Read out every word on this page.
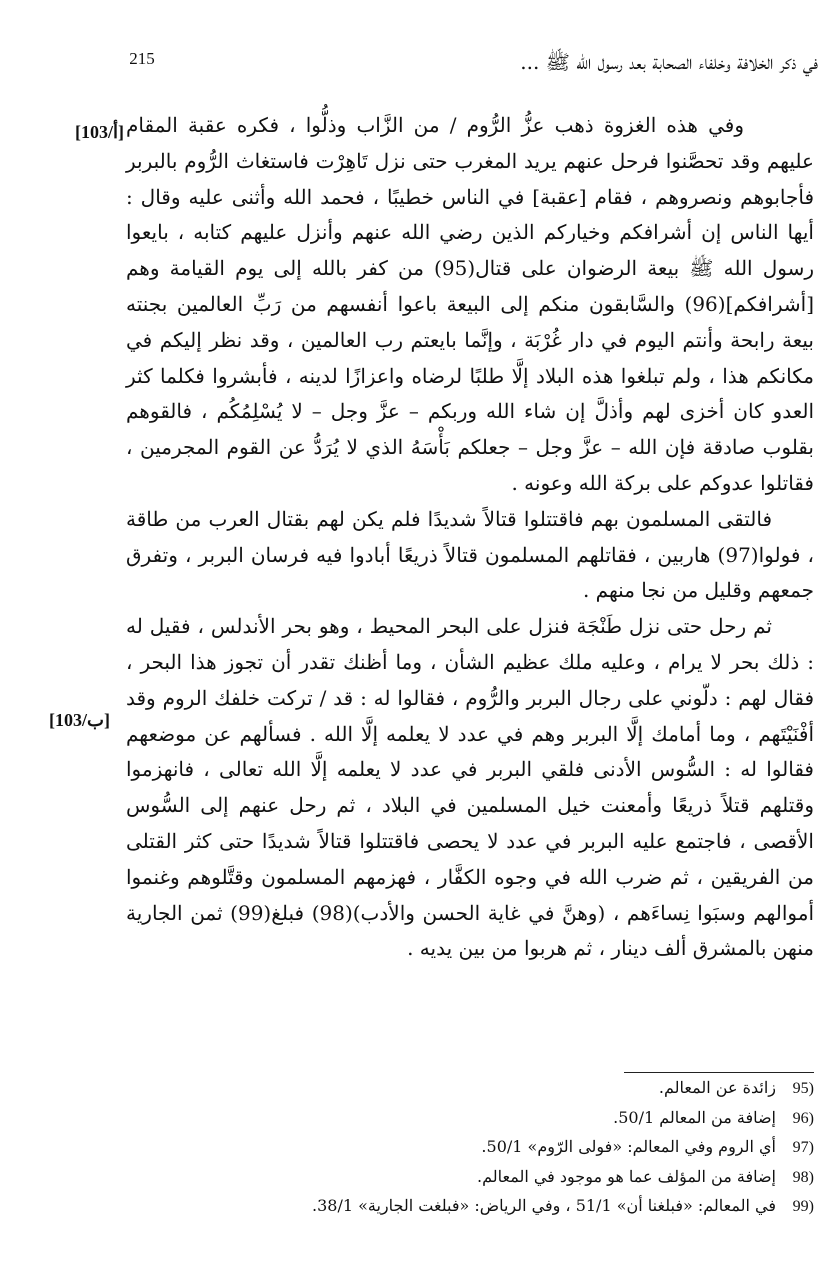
في ذكر الخلافة وخلفاء الصحابة بعد رسول الله ﷺ ...
215
[103/أ]
[103/ب]

وفي هذه الغزوة ذهب عزُّ الرُّوم / من الزَّاب وذلُّوا ، فكره عقبة المقام عليهم وقد تحصَّنوا فرحل عنهم يريد المغرب حتى نزل تَاهِرْت فاستغاث الرُّوم بالبربر فأجابوهم ونصروهم ، فقام [عقبة] في الناس خطيبًا ، فحمد الله وأثنى عليه وقال : أيها الناس إن أشرافكم وخياركم الذين رضي الله عنهم وأنزل عليهم كتابه ، بايعوا رسول الله ﷺ بيعة الرضوان على قتال(95) من كفر بالله إلى يوم القيامة وهم [أشرافكم](96) والسَّابقون منكم إلى البيعة باعوا أنفسهم من رَبِّ العالمين بجنته بيعة رابحة وأنتم اليوم في دار غُرْبَة ، وإنَّما بايعتم رب العالمين ، وقد نظر إليكم في مكانكم هذا ، ولم تبلغوا هذه البلاد إلَّا طلبًا لرضاه واعزازًا لدينه ، فأبشروا فكلما كثر العدو كان أخزى لهم وأذلَّ إن شاء الله وربكم – عزَّ وجل – لا يُسْلِمُكُم ، فالقوهم بقلوب صادقة فإن الله – عزَّ وجل – جعلكم بَأْسَهُ الذي لا يُرَدُّ عن القوم المجرمين ، فقاتلوا عدوكم على بركة الله وعونه .

فالتقى المسلمون بهم فاقتتلوا قتالاً شديدًا فلم يكن لهم بقتال العرب من طاقة ، فولوا(97) هاربين ، فقاتلهم المسلمون قتالاً ذريعًا أبادوا فيه فرسان البربر ، وتفرق جمعهم وقليل من نجا منهم .

ثم رحل حتى نزل طَنْجَة فنزل على البحر المحيط ، وهو بحر الأندلس ، فقيل له : ذلك بحر لا يرام ، وعليه ملك عظيم الشأن ، وما أظنك تقدر أن تجوز هذا البحر ، فقال لهم : دلّوني على رجال البربر والرُّوم ، فقالوا له : قد / تركت خلفك الروم وقد أفْنَيْتَهم ، وما أمامك إلَّا البربر وهم في عدد لا يعلمه إلَّا الله . فسألهم عن موضعهم فقالوا له : السُّوس الأدنى فلقي البربر في عدد لا يعلمه إلَّا الله تعالى ، فانهزموا وقتلهم قتلاً ذريعًا وأمعنت خيل المسلمين في البلاد ، ثم رحل عنهم إلى السُّوس الأقصى ، فاجتمع عليه البربر في عدد لا يحصى فاقتتلوا قتالاً شديدًا حتى كثر القتلى من الفريقين ، ثم ضرب الله في وجوه الكفَّار ، فهزمهم المسلمون وقتَّلوهم وغنموا أموالهم وسبَوا نِساءَهم ، (وهنَّ في غاية الحسن والأدب)(98) فبلغ(99) ثمن الجارية منهن بالمشرق ألف دينار ، ثم هربوا من بين يديه .

95)
زائدة عن المعالم.
96)
إضافة من المعالم 50/1.
97)
أي الروم وفي المعالم: «فولى الرّوم» 50/1.
98)
إضافة من المؤلف عما هو موجود في المعالم.
99)
في المعالم: «فبلغنا أن» 51/1 ، وفي الرياض: «فبلغت الجارية» 38/1.
